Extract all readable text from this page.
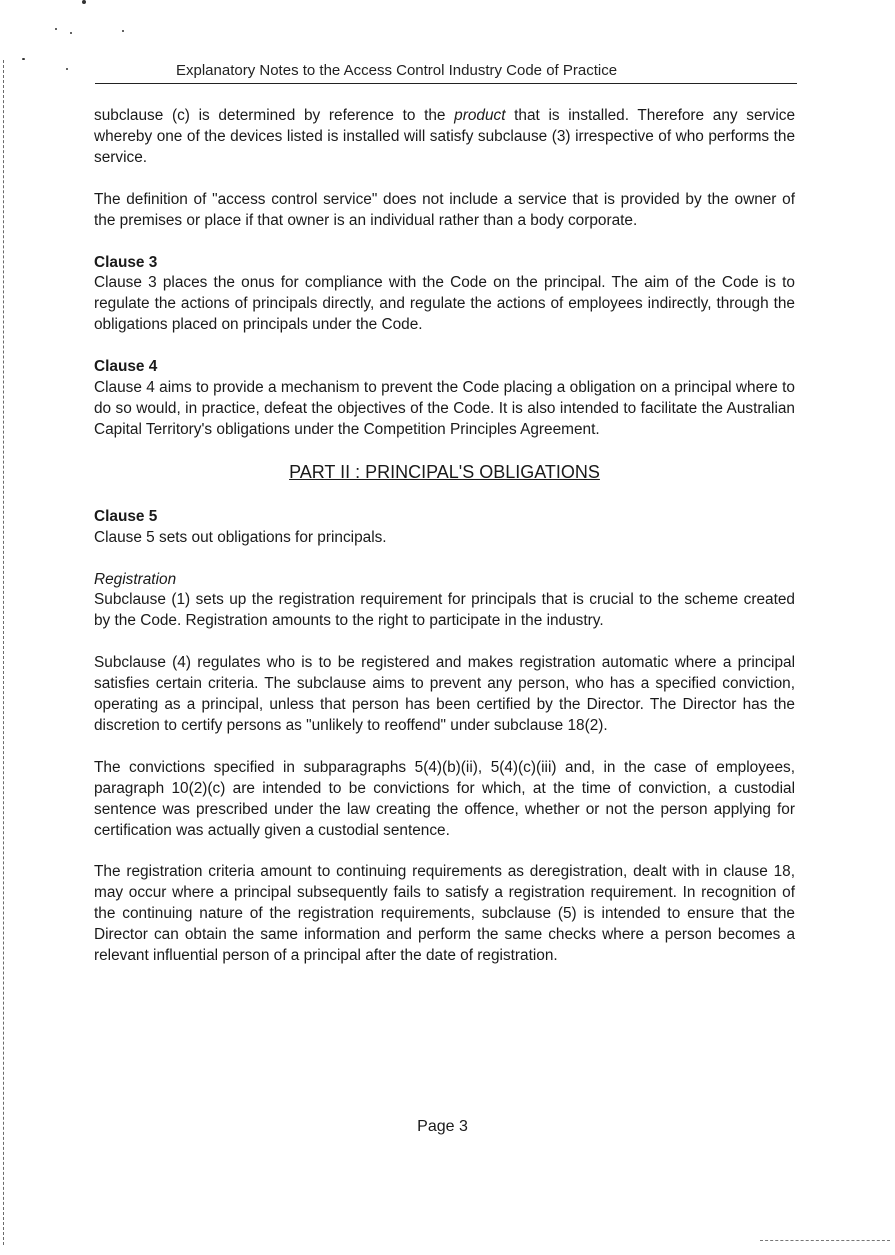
Explanatory Notes to the Access Control Industry Code of Practice

subclause (c) is determined by reference to the product that is installed. Therefore any service whereby one of the devices listed is installed will satisfy subclause (3) irrespective of who performs the service.

The definition of "access control service" does not include a service that is provided by the owner of the premises or place if that owner is an individual rather than a body corporate.

Clause 3

Clause 3 places the onus for compliance with the Code on the principal. The aim of the Code is to regulate the actions of principals directly, and regulate the actions of employees indirectly, through the obligations placed on principals under the Code.

Clause 4

Clause 4 aims to provide a mechanism to prevent the Code placing a obligation on a principal where to do so would, in practice, defeat the objectives of the Code. It is also intended to facilitate the Australian Capital Territory's obligations under the Competition Principles Agreement.

PART II : PRINCIPAL'S OBLIGATIONS
Clause 5

Clause 5 sets out obligations for principals.

Registration

Subclause (1) sets up the registration requirement for principals that is crucial to the scheme created by the Code. Registration amounts to the right to participate in the industry.

Subclause (4) regulates who is to be registered and makes registration automatic where a principal satisfies certain criteria. The subclause aims to prevent any person, who has a specified conviction, operating as a principal, unless that person has been certified by the Director. The Director has the discretion to certify persons as "unlikely to reoffend" under subclause 18(2).

The convictions specified in subparagraphs 5(4)(b)(ii), 5(4)(c)(iii) and, in the case of employees, paragraph 10(2)(c) are intended to be convictions for which, at the time of conviction, a custodial sentence was prescribed under the law creating the offence, whether or not the person applying for certification was actually given a custodial sentence.

The registration criteria amount to continuing requirements as deregistration, dealt with in clause 18, may occur where a principal subsequently fails to satisfy a registration requirement. In recognition of the continuing nature of the registration requirements, subclause (5) is intended to ensure that the Director can obtain the same information and perform the same checks where a person becomes a relevant influential person of a principal after the date of registration.

Page 3
